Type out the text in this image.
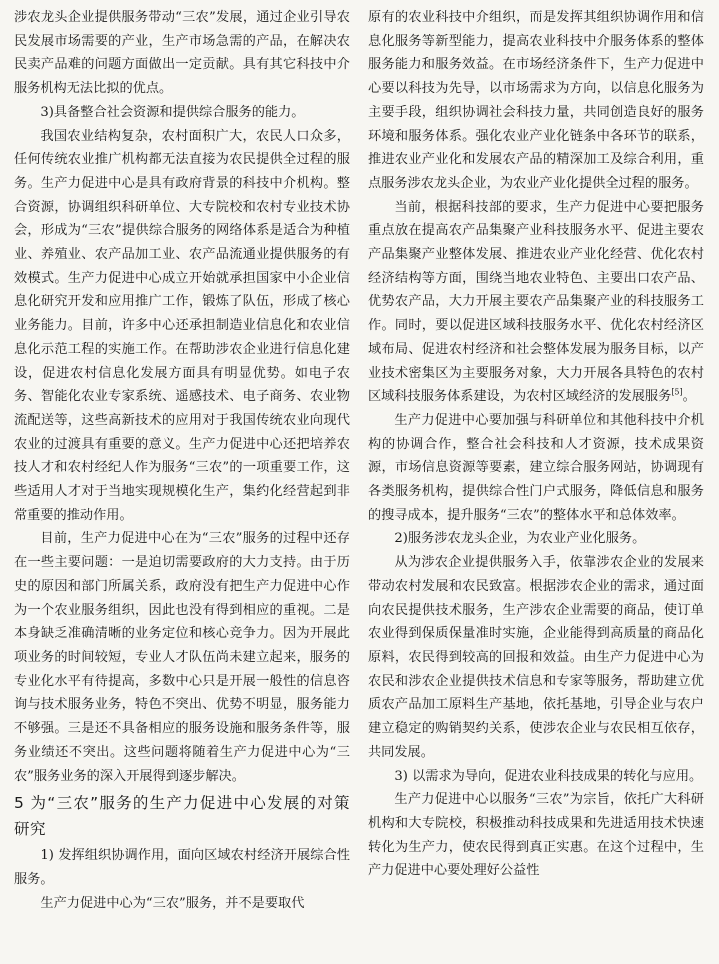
涉农龙头企业提供服务带动“三农”发展，通过企业引导农民发展市场需要的产业，生产市场急需的产品，在解决农民卖产品难的问题方面做出一定贡献。具有其它科技中介服务机构无法比拟的优点。

3)具备整合社会资源和提供综合服务的能力。

我国农业结构复杂，农村面积广大，农民人口众多，任何传统农业推广机构都无法直接为农民提供全过程的服务。生产力促进中心是具有政府背景的科技中介机构。整合资源，协调组织科研单位、大专院校和农村专业技术协会，形成为“三农”提供综合服务的网络体系是适合为种植业、养殖业、农产品加工业、农产品流通业提供服务的有效模式。生产力促进中心成立开始就承担国家中小企业信息化研究开发和应用推广工作，锻炼了队伍，形成了核心业务能力。目前，许多中心还承担制造业信息化和农业信息化示范工程的实施工作。在帮助涉农企业进行信息化建设，促进农村信息化发展方面具有明显优势。如电子农务、智能化农业专家系统、遥感技术、电子商务、农业物流配送等，这些高新技术的应用对于我国传统农业向现代农业的过渡具有重要的意义。生产力促进中心还把培养农技人才和农村经纪人作为服务“三农”的一项重要工作，这些适用人才对于当地实现规模化生产，集约化经营起到非常重要的推动作用。

目前，生产力促进中心在为“三农”服务的过程中还存在一些主要问题：一是迫切需要政府的大力支持。由于历史的原因和部门所属关系，政府没有把生产力促进中心作为一个农业服务组织，因此也没有得到相应的重视。二是本身缺乏准确清晰的业务定位和核心竞争力。因为开展此项业务的时间较短，专业人才队伍尚未建立起来，服务的专业化水平有待提高，多数中心只是开展一般性的信息咨询与技术服务业务，特色不突出、优势不明显，服务能力不够强。三是还不具备相应的服务设施和服务条件等，服务业绩还不突出。这些问题将随着生产力促进中心为“三农”服务业务的深入开展得到逐步解决。

5 为“三农”服务的生产力促进中心发展的对策研究

1) 发挥组织协调作用，面向区域农村经济开展综合性服务。

生产力促进中心为“三农”服务，并不是要取代

原有的农业科技中介组织，而是发挥其组织协调作用和信息化服务等新型能力，提高农业科技中介服务体系的整体服务能力和服务效益。在市场经济条件下，生产力促进中心要以科技为先导，以市场需求为方向，以信息化服务为主要手段，组织协调社会科技力量，共同创造良好的服务环境和服务体系。强化农业产业化链条中各环节的联系，推进农业产业化和发展农产品的精深加工及综合利用，重点服务涉农龙头企业，为农业产业化提供全过程的服务。

当前，根据科技部的要求，生产力促进中心要把服务重点放在提高农产品集聚产业科技服务水平、促进主要农产品集聚产业整体发展、推进农业产业化经营、优化农村经济结构等方面，围绕当地农业特色、主要出口农产品、优势农产品，大力开展主要农产品集聚产业的科技服务工作。同时，要以促进区域科技服务水平、优化农村经济区域布局、促进农村经济和社会整体发展为服务目标，以产业技术密集区为主要服务对象，大力开展各具特色的农村区域科技服务体系建设，为农村区域经济的发展服务[5]。

生产力促进中心要加强与科研单位和其他科技中介机构的协调合作，整合社会科技和人才资源，技术成果资源，市场信息资源等要素，建立综合服务网站，协调现有各类服务机构，提供综合性门户式服务，降低信息和服务的搜寻成本，提升服务“三农”的整体水平和总体效率。

2)服务涉农龙头企业，为农业产业化服务。

从为涉农企业提供服务入手，依靠涉农企业的发展来带动农村发展和农民致富。根据涉农企业的需求，通过面向农民提供技术服务，生产涉农企业需要的商品，使订单农业得到保质保量准时实施，企业能得到高质量的商品化原料，农民得到较高的回报和效益。由生产力促进中心为农民和涉农企业提供技术信息和专家等服务，帮助建立优质农产品加工原料生产基地，依托基地，引导企业与农户建立稳定的购销契约关系，使涉农企业与农民相互依存，共同发展。

3) 以需求为导向，促进农业科技成果的转化与应用。

生产力促进中心以服务“三农”为宗旨，依托广大科研机构和大专院校，积极推动科技成果和先进适用技术快速转化为生产力，使农民得到真正实惠。在这个过程中，生产力促进中心要处理好公益性
